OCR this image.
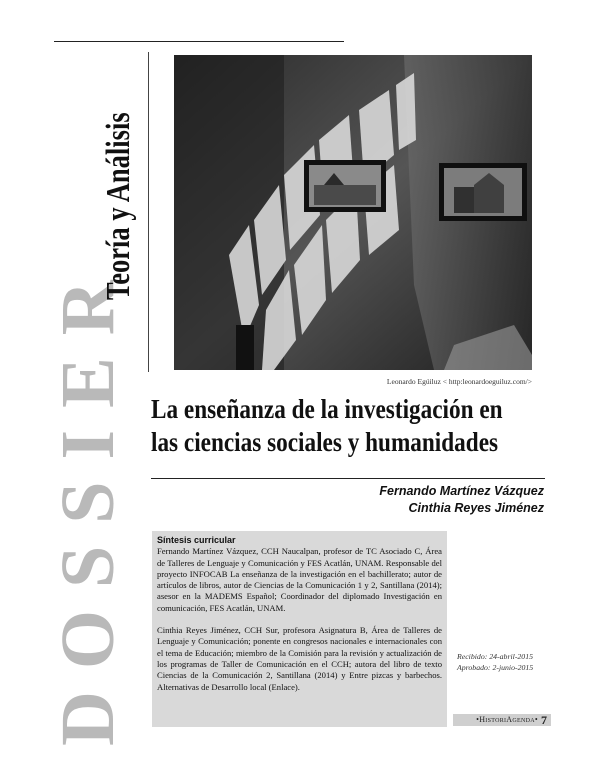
DOSSIER
Teoría y Análisis
Leonardo Egúiluz < http:leonardoeguiluz.com/>
La enseñanza de la investigación en
las ciencias sociales y humanidades
Fernando Martínez Vázquez
Cinthia Reyes Jiménez
Síntesis curricular

Fernando Martínez Vázquez, CCH Naucalpan, profesor de TC Asociado C, Área de Talleres de Lenguaje y Comunicación y FES Acatlán, UNAM. Responsable del proyecto INFOCAB La enseñanza de la investigación en el bachillerato; autor de artículos de libros, autor de Ciencias de la Comunicación 1 y 2, Santillana (2014); asesor en la MADEMS Español; Coordinador del diplomado Investigación en comunicación, FES Acatlán, UNAM.

Cinthia Reyes Jiménez, CCH Sur, profesora Asignatura B, Área de Talleres de Lenguaje y Comunicación; ponente en congresos nacionales e internacionales con el tema de Educación; miembro de la Comisión para la revisión y actualización de los programas de Taller de Comunicación en el CCH; autora del libro de texto Ciencias de la Comunicación 2, Santillana (2014) y Entre pizcas y barbechos. Alternativas de Desarrollo local (Enlace).

Recibido: 24-abril-2015
Aprobado: 2-junio-2015
•HistoriAgenda• 7
